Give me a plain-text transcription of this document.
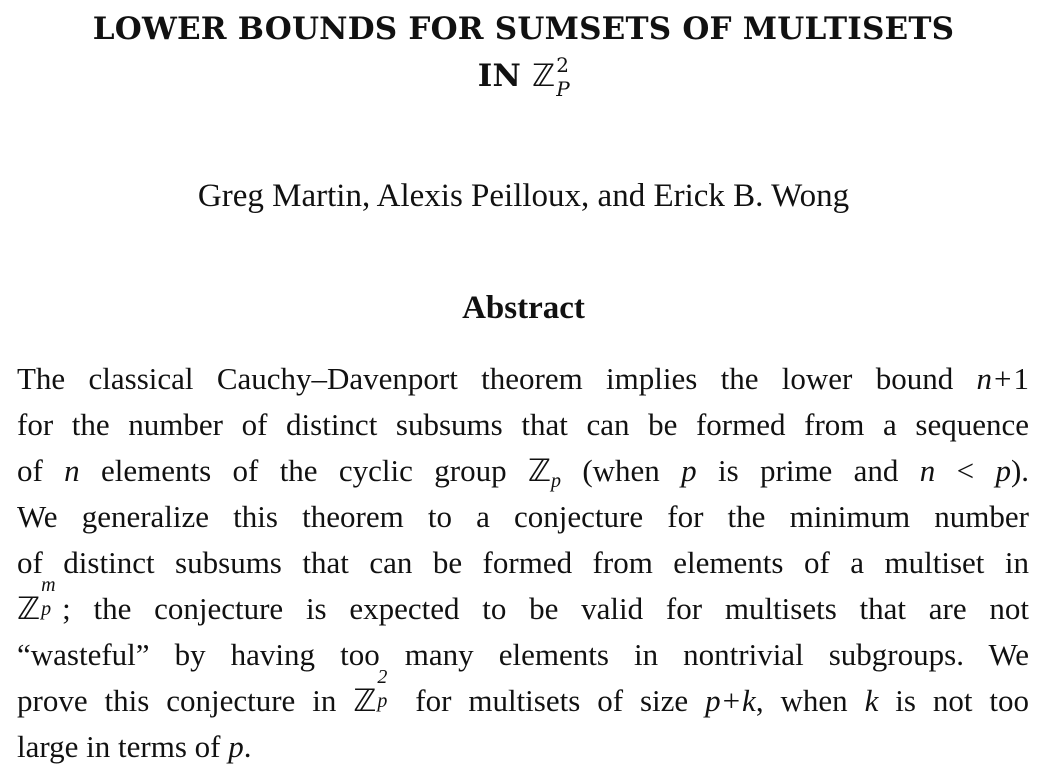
LOWER BOUNDS FOR SUMSETS OF MULTISETS
IN ℤ 2
P
Greg Martin, Alexis Peilloux, and Erick B. Wong
Abstract
The classical Cauchy–Davenport theorem implies the lower bound n+1
for the number of distinct subsums that can be formed from a sequence
of n elements of the cyclic group ℤp (when p is prime and n < p).
We generalize this theorem to a conjecture for the minimum number
of distinct subsums that can be formed from elements of a multiset in
ℤ
m
p ; the conjecture is expected to be valid for multisets that are not
“wasteful” by having too many elements in nontrivial subgroups. We
prove this conjecture in ℤ
2
p for multisets of size p+k, when k is not too
large in terms of p.
